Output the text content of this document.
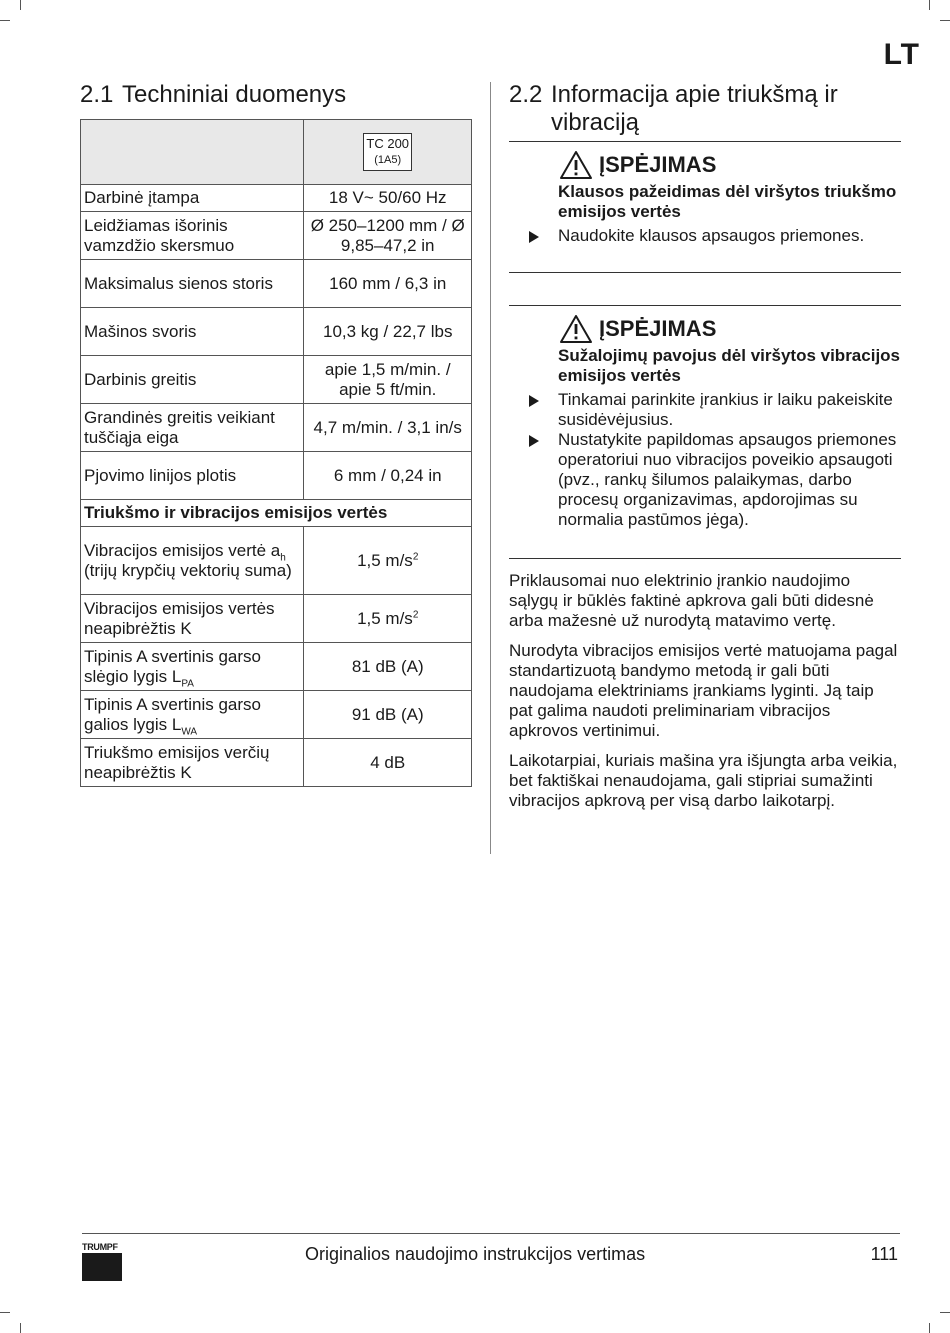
LT
2.1 Techniniai duomenys

	TC 200
(1A5)

Darbinė įtampa	18 V~ 50/60 Hz
Leidžiamas išorinis vamzdžio skersmuo	Ø 250–1200 mm / Ø 9,85–47,2 in
Maksimalus sienos storis	160 mm / 6,3 in
Mašinos svoris	10,3 kg / 22,7 lbs
Darbinis greitis	apie 1,5 m/min. / apie 5 ft/min.
Grandinės greitis veikiant tuščiąja eiga	4,7 m/min. / 3,1 in/s
Pjovimo linijos plotis	6 mm / 0,24 in
Triukšmo ir vibracijos emisijos vertės	
Vibracijos emisijos vertė $a_h$ (trijų krypčių vektorių suma)	1,5 $m/s^2$
Vibracijos emisijos vertės neapibrėžtis K	1,5 $m/s^2$
Tipinis A svertinis garso slėgio lygis $L_{PA}$	81 dB (A)
Tipinis A svertinis garso galios lygis $L_{WA}$	91 dB (A)
Triukšmo emisijos verčių neapibrėžtis K	4 dB
2.2 Informacija apie triukšmą ir vibraciją
ĮSPĖJIMAS
Klausos pažeidimas dėl viršytos triukšmo emisijos vertės
Naudokite klausos apsaugos priemones.
ĮSPĖJIMAS
Sužalojimų pavojus dėl viršytos vibracijos emisijos vertės
Tinkamai parinkite įrankius ir laiku pakeiskite susidėvėjusius.
Nustatykite papildomas apsaugos priemones operatoriui nuo vibracijos poveikio apsaugoti (pvz., rankų šilumos palaikymas, darbo procesų organizavimas, apdorojimas su normalia pastūmos jėga).

Priklausomai nuo elektrinio įrankio naudojimo sąlygų ir būklės faktinė apkrova gali būti didesnė arba mažesnė už nurodytą matavimo vertę.

Nurodyta vibracijos emisijos vertė matuojama pagal standartizuotą bandymo metodą ir gali būti naudojama elektriniams įrankiams lyginti. Ją taip pat galima naudoti preliminariam vibracijos apkrovos vertinimui.

Laikotarpiai, kuriais mašina yra išjungta arba veikia, bet faktiškai nenaudojama, gali stipriai sumažinti vibracijos apkrovą per visą darbo laikotarpį.

TRUMPF	Originalios naudojimo instrukcijos vertimas	111
